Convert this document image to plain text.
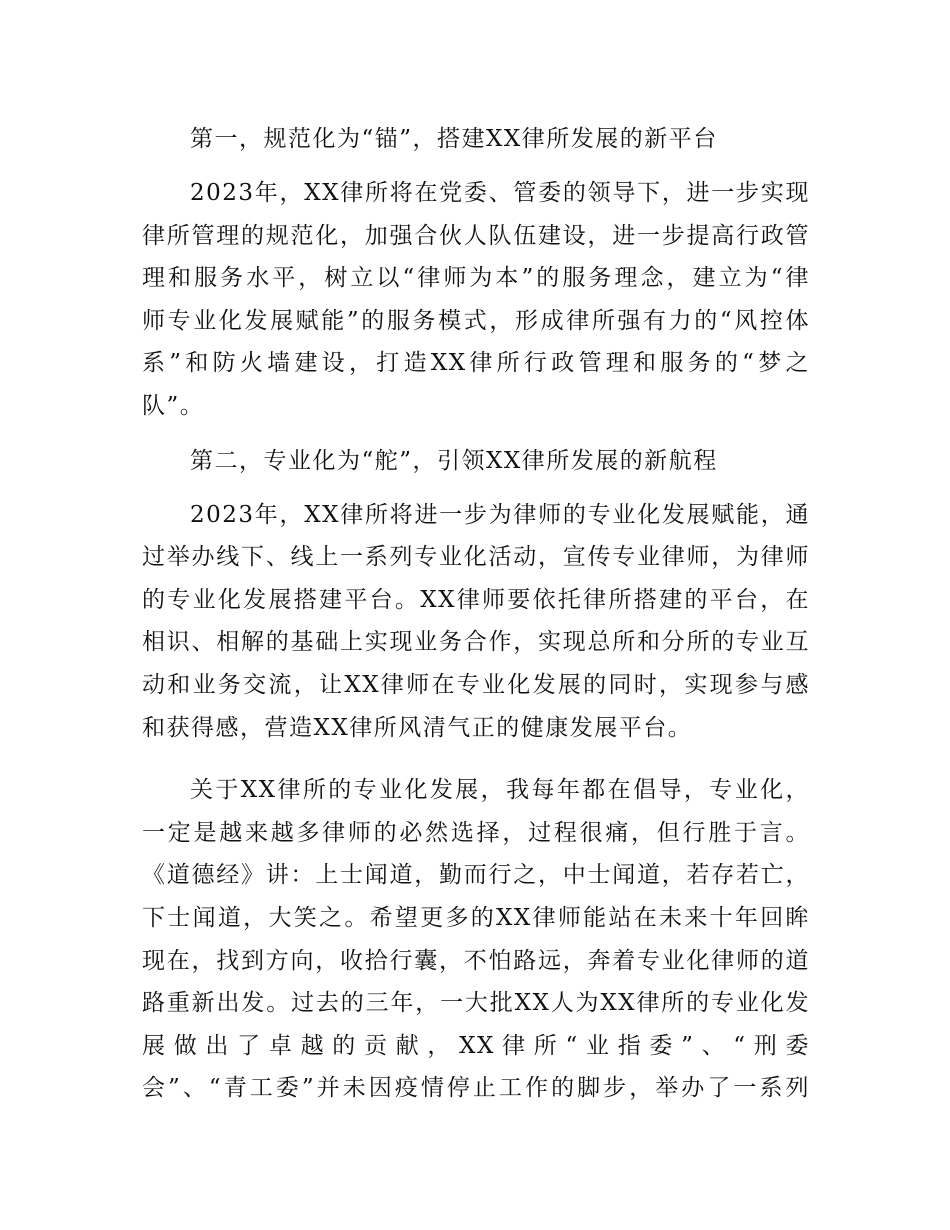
第一，规范化为“锚”，搭建XX律所发展的新平台

2023年，XX律所将在党委、管委的领导下，进一步实现
律所管理的规范化，加强合伙人队伍建设，进一步提高行政管
理和服务水平，树立以“律师为本”的服务理念，建立为“律
师专业化发展赋能”的服务模式，形成律所强有力的“风控体
系”和防火墙建设，打造XX律所行政管理和服务的“梦之
队”。

第二，专业化为“舵”，引领XX律所发展的新航程

2023年，XX律所将进一步为律师的专业化发展赋能，通
过举办线下、线上一系列专业化活动，宣传专业律师，为律师
的专业化发展搭建平台。XX律师要依托律所搭建的平台，在
相识、相解的基础上实现业务合作，实现总所和分所的专业互
动和业务交流，让XX律师在专业化发展的同时，实现参与感
和获得感，营造XX律所风清气正的健康发展平台。
关于XX律所的专业化发展，我每年都在倡导，专业化，
一定是越来越多律师的必然选择，过程很痛，但行胜于言。
《道德经》讲：上士闻道，勤而行之，中士闻道，若存若亡，
下士闻道，大笑之。希望更多的XX律师能站在未来十年回眸
现在，找到方向，收拾行囊，不怕路远，奔着专业化律师的道
路重新出发。过去的三年，一大批XX人为XX律所的专业化发
展做出了卓越的贡献，XX律所“业指委”、“刑委
会”、“青工委”并未因疫情停止工作的脚步，举办了一系列
